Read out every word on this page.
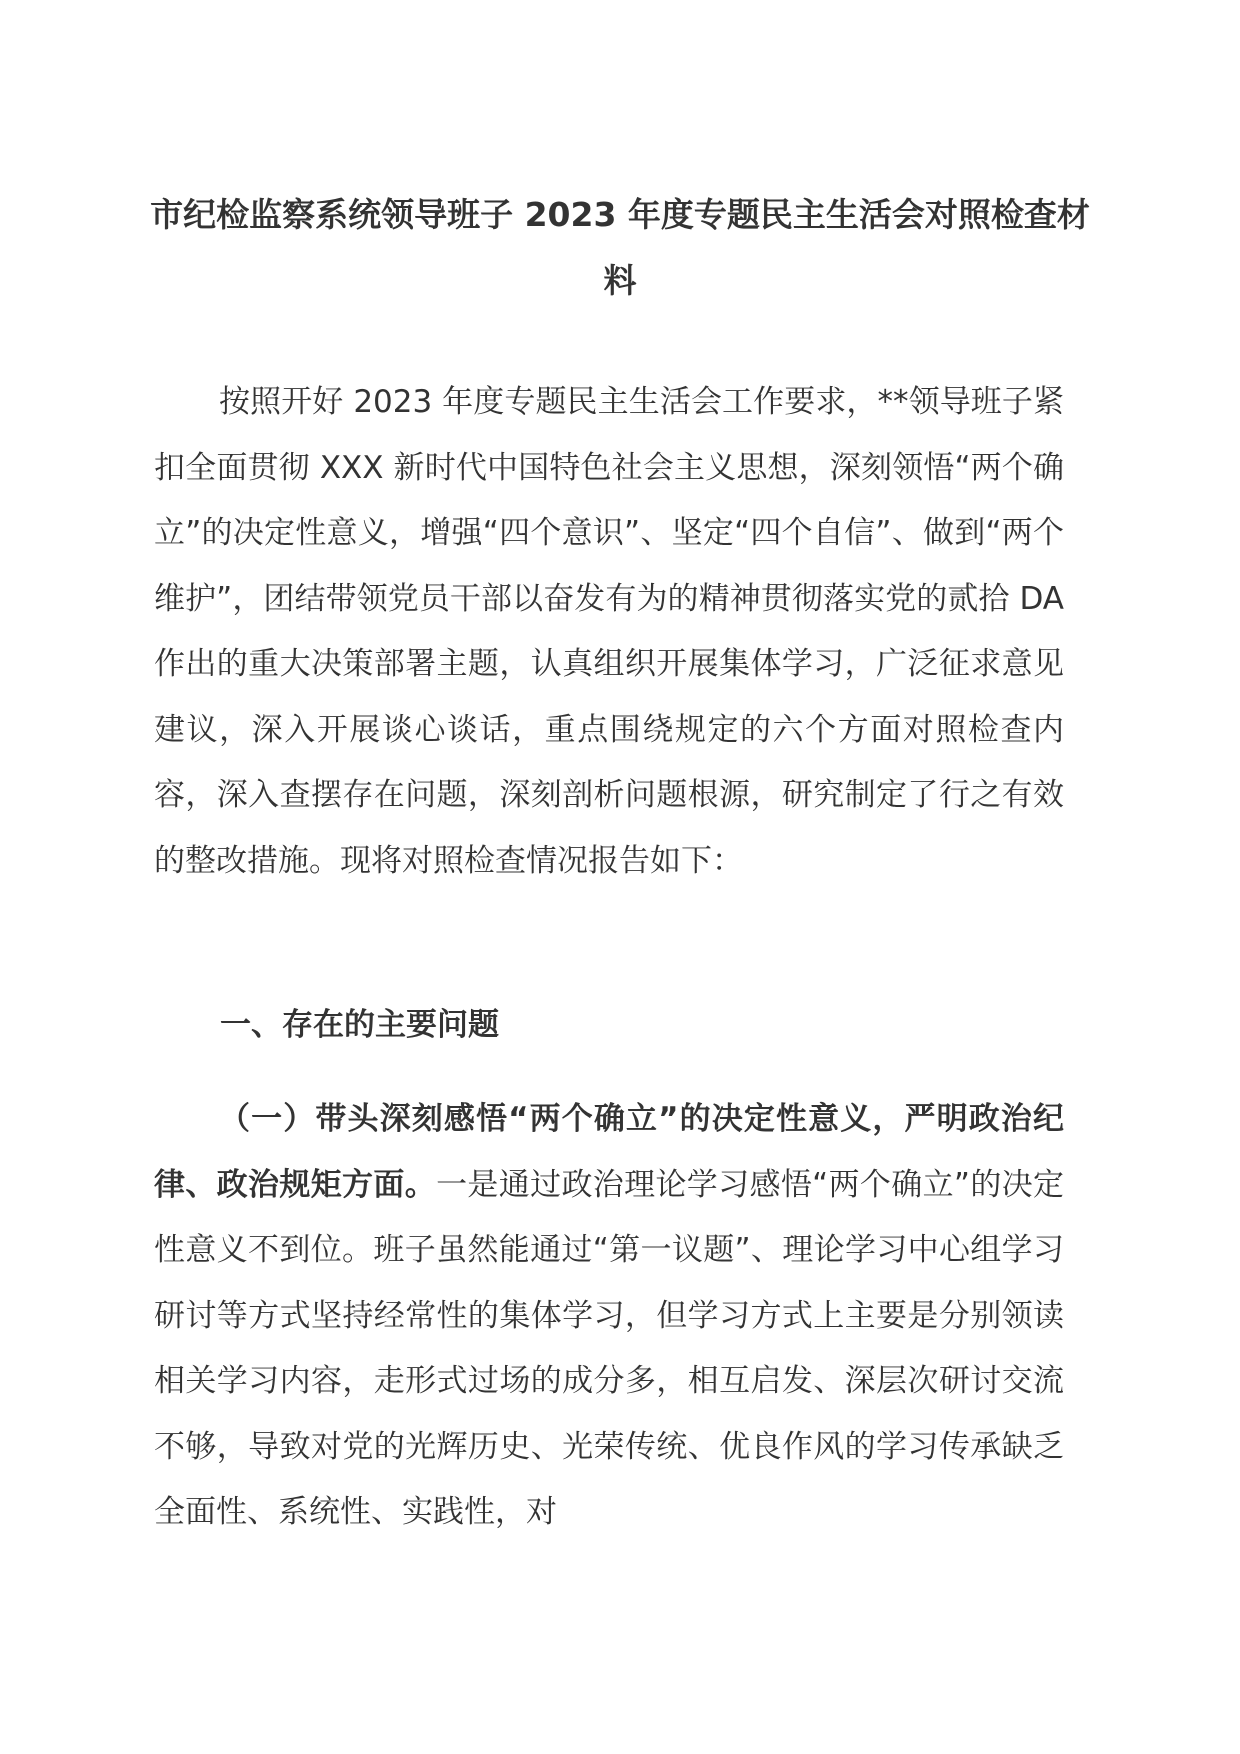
市纪检监察系统领导班子 2023 年度专题民主生活会对照检查材料
按照开好 2023 年度专题民主生活会工作要求，**领导班子紧扣全面贯彻 XXX 新时代中国特色社会主义思想，深刻领悟“两个确立”的决定性意义，增强“四个意识”、坚定“四个自信”、做到“两个维护”，团结带领党员干部以奋发有为的精神贯彻落实党的贰拾 DA 作出的重大决策部署主题，认真组织开展集体学习，广泛征求意见建议，深入开展谈心谈话，重点围绕规定的六个方面对照检查内容，深入查摆存在问题，深刻剖析问题根源，研究制定了行之有效的整改措施。现将对照检查情况报告如下：
一、存在的主要问题
（一）带头深刻感悟“两个确立”的决定性意义，严明政治纪律、政治规矩方面。一是通过政治理论学习感悟“两个确立”的决定性意义不到位。班子虽然能通过“第一议题”、理论学习中心组学习研讨等方式坚持经常性的集体学习，但学习方式上主要是分别领读相关学习内容，走形式过场的成分多，相互启发、深层次研讨交流不够，导致对党的光辉历史、光荣传统、优良作风的学习传承缺乏全面性、系统性、实践性，对
